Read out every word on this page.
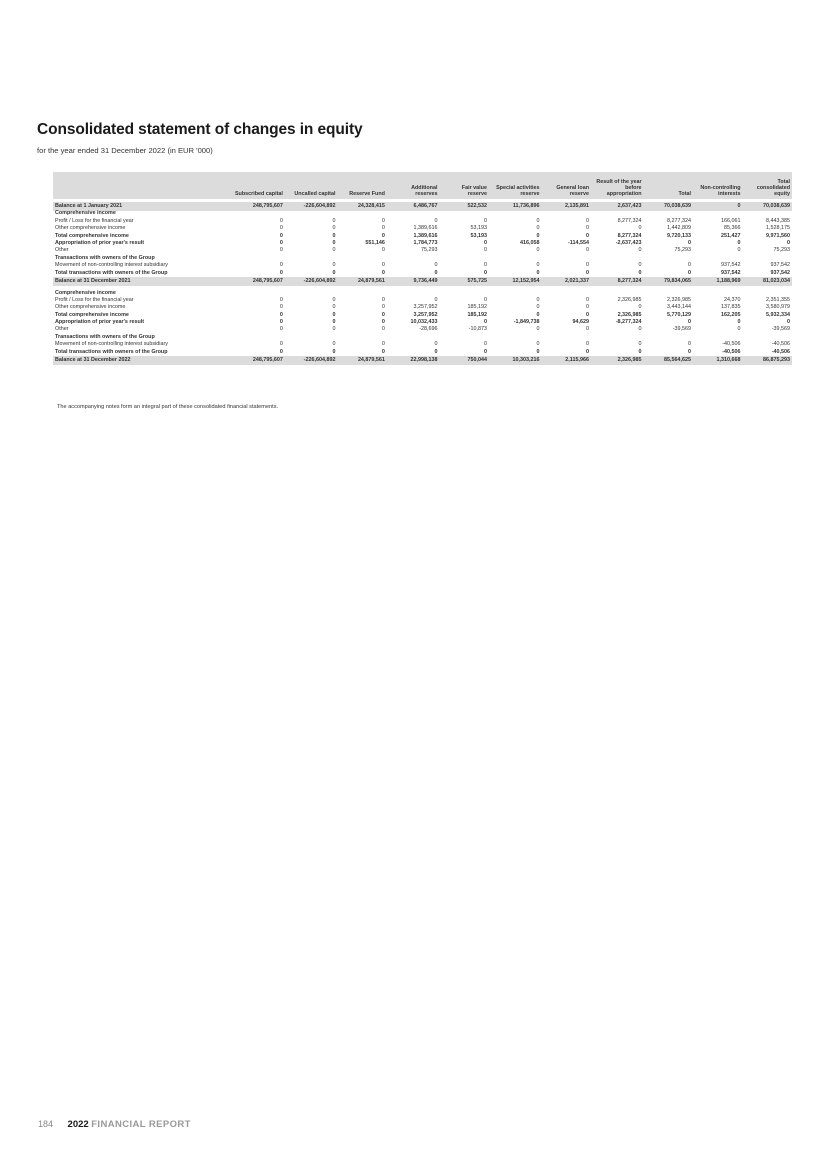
Consolidated statement of changes in equity
for the year ended 31 December 2022 (in EUR '000)
	Subscribed capital	Uncalled capital	Reserve Fund	Additional reserves	Fair value reserve	Special activities reserve	General loan reserve	Result of the year before appropriation	Total	Non-controlling interests	Total consolidated equity

Balance at 1 January 2021	248,795,607	-226,604,892	24,328,415	6,486,767	522,532	11,736,896	2,135,891	2,637,423	70,038,639	0	70,038,639
Comprehensive income											
Profit / Loss for the financial year	0	0	0	0	0	0	0	8,277,324	8,277,324	166,061	8,443,385
Other comprehensive income	0	0	0	1,389,616	53,193	0	0	0	1,442,809	85,366	1,528,175
Total comprehensive income	0	0	0	1,389,616	53,193	0	0	8,277,324	9,720,133	251,427	9,971,560
Appropriation of prior year's result	0	0	551,146	1,784,773	0	416,058	-114,554	-2,637,423	0	0	0
Other	0	0	0	75,293	0	0	0	0	75,293	0	75,293
Transactions with owners of the Group											
Movement of non-controlling interest subsidiary	0	0	0	0	0	0	0	0	0	937,542	937,542
Total transactions with owners of the Group	0	0	0	0	0	0	0	0	0	937,542	937,542
Balance at 31 December 2021	248,795,607	-226,604,892	24,879,561	9,736,449	575,725	12,152,954	2,021,337	8,277,324	79,834,065	1,188,969	81,023,034

Comprehensive income											
Profit / Loss for the financial year	0	0	0	0	0	0	0	2,326,985	2,326,985	24,370	2,351,355
Other comprehensive income	0	0	0	3,257,952	185,192	0	0	0	3,443,144	137,835	3,580,979
Total comprehensive income	0	0	0	3,257,952	185,192	0	0	2,326,985	5,770,129	162,205	5,932,334
Appropriation of prior year's result	0	0	0	10,032,433	0	-1,849,738	94,629	-8,277,324	0	0	0
Other	0	0	0	-28,696	-10,873	0	0	0	-39,569	0	-39,569
Transactions with owners of the Group											
Movement of non-controlling interest subsidiary	0	0	0	0	0	0	0	0	0	-40,506	-40,506
Total transactions with owners of the Group	0	0	0	0	0	0	0	0	0	-40,506	-40,506
Balance at 31 December 2022	248,795,607	-226,604,892	24,879,561	22,998,138	750,044	10,303,216	2,115,966	2,326,985	85,564,625	1,310,668	86,875,293
The accompanying notes form an integral part of these consolidated financial statements.
184 2022 FINANCIAL REPORT
